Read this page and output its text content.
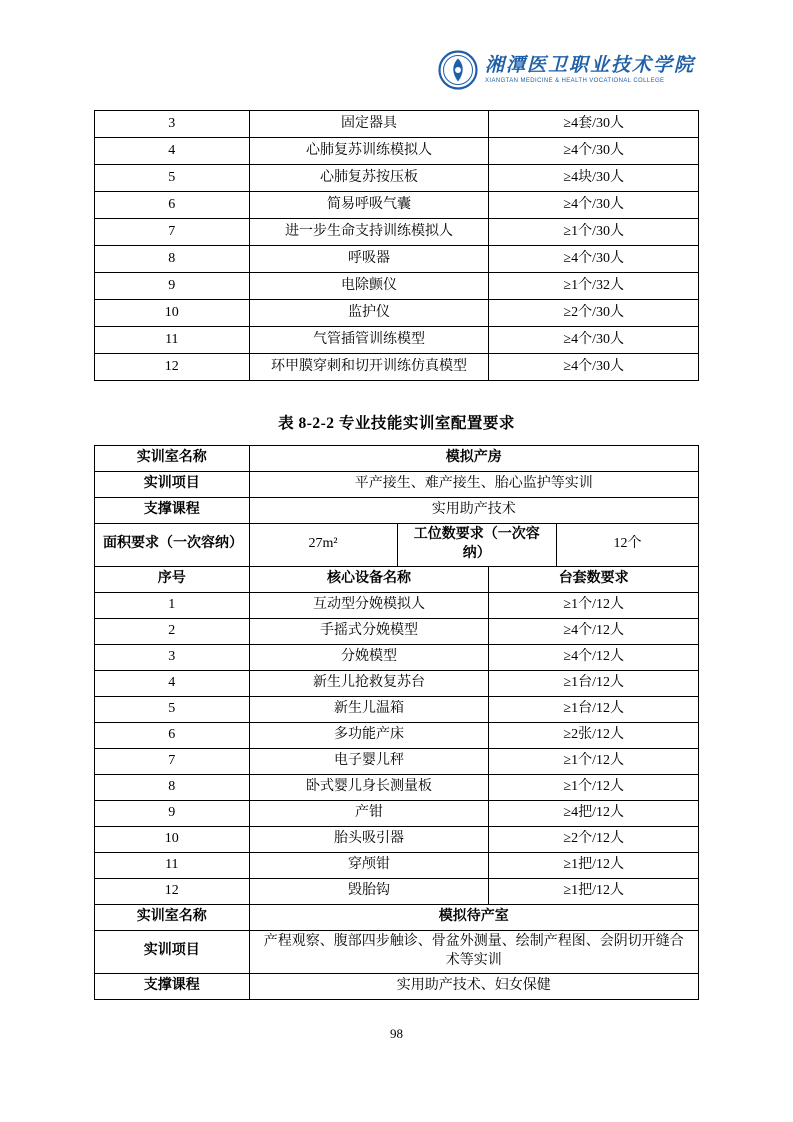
湘潭医卫职业技术学院
XIANGTAN MEDICINE & HEALTH VOCATIONAL COLLEGE
3	固定器具	≥4套/30人
4	心肺复苏训练模拟人	≥4个/30人
5	心肺复苏按压板	≥4块/30人
6	简易呼吸气囊	≥4个/30人
7	进一步生命支持训练模拟人	≥1个/30人
8	呼吸器	≥4个/30人
9	电除颤仪	≥1个/32人
10	监护仪	≥2个/30人
11	气管插管训练模型	≥4个/30人
12	环甲膜穿刺和切开训练仿真模型	≥4个/30人
表 8-2-2 专业技能实训室配置要求
实训室名称	模拟产房			
实训项目	平产接生、难产接生、胎心监护等实训			
支撑课程	实用助产技术			
面积要求（一次容纳）	27m²	工位数要求（一次容纳）		12个
序号	核心设备名称		台套数要求	
1	互动型分娩模拟人		≥1个/12人	
2	手摇式分娩模型		≥4个/12人	
3	分娩模型		≥4个/12人	
4	新生儿抢救复苏台		≥1台/12人	
5	新生儿温箱		≥1台/12人	
6	多功能产床		≥2张/12人	
7	电子婴儿秤		≥1个/12人	
8	卧式婴儿身长测量板		≥1个/12人	
9	产钳		≥4把/12人	
10	胎头吸引器		≥2个/12人	
11	穿颅钳		≥1把/12人	
12	毁胎钩		≥1把/12人	
实训室名称	模拟待产室			
实训项目	产程观察、腹部四步触诊、骨盆外测量、绘制产程图、会阴切开缝合术等实训			
支撑课程	实用助产技术、妇女保健			
98
